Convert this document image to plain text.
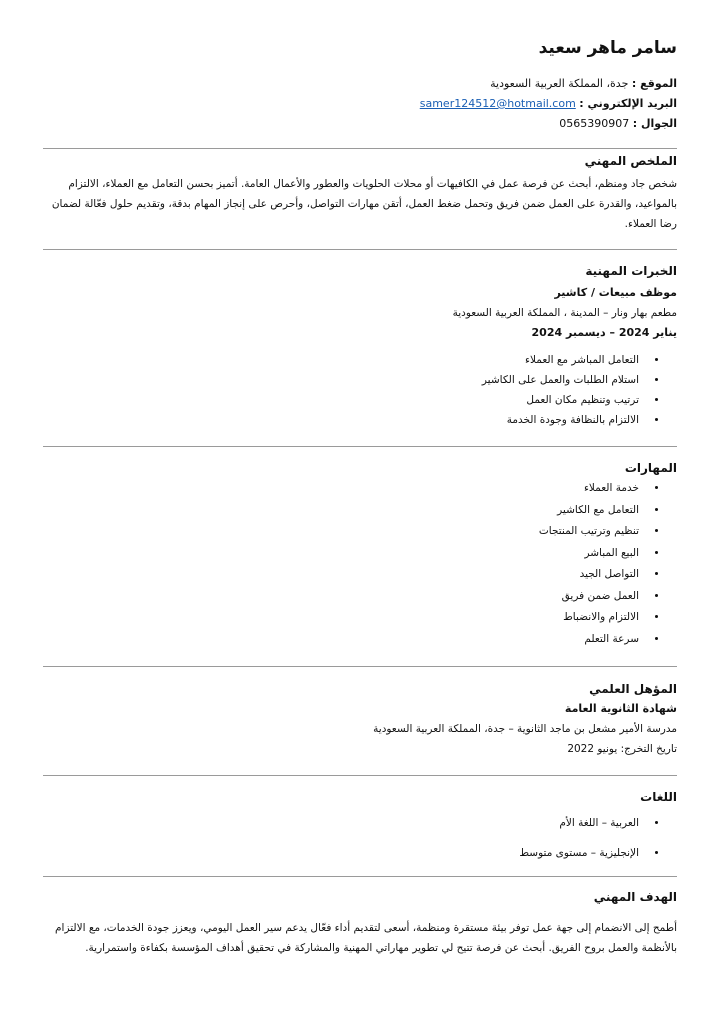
سامر ماهر سعيد
الموقع : جدة، المملكة العربية السعودية
البريد الإلكتروني : samer124512@hotmail.com
الجوال : 0565390907
الملخص المهني

شخص جاد ومنظم، أبحث عن فرصة عمل في الكافيهات أو محلات الحلويات والعطور والأعمال العامة. أتميز بحسن التعامل مع العملاء، الالتزام بالمواعيد، والقدرة على العمل ضمن فريق وتحمل ضغط العمل، أتقن مهارات التواصل، وأحرص على إنجاز المهام بدقة، وتقديم حلول فعّالة لضمان رضا العملاء.

الخبرات المهنية
موظف مبيعات / كاشير
مطعم بهار ونار – المدينة ، المملكة العربية السعودية
يناير 2024 – ديسمبر 2024
• التعامل المباشر مع العملاء
• استلام الطلبات والعمل على الكاشير
• ترتيب وتنظيم مكان العمل
• الالتزام بالنظافة وجودة الخدمة
المهارات
• خدمة العملاء
• التعامل مع الكاشير
• تنظيم وترتيب المنتجات
• البيع المباشر
• التواصل الجيد
• العمل ضمن فريق
• الالتزام والانضباط
• سرعة التعلم
المؤهل العلمي
شهادة الثانوية العامة
مدرسة الأمير مشعل بن ماجد الثانوية – جدة، المملكة العربية السعودية
تاريخ التخرج: يونيو 2022
اللغات
• العربية – اللغة الأم
• الإنجليزية – مستوى متوسط
الهدف المهني

أطمح إلى الانضمام إلى جهة عمل توفر بيئة مستقرة ومنظمة، أسعى لتقديم أداء فعّال يدعم سير العمل اليومي، ويعزز جودة الخدمات، مع الالتزام بالأنظمة والعمل بروح الفريق. أبحث عن فرصة تتيح لي تطوير مهاراتي المهنية والمشاركة في تحقيق أهداف المؤسسة بكفاءة واستمرارية.
